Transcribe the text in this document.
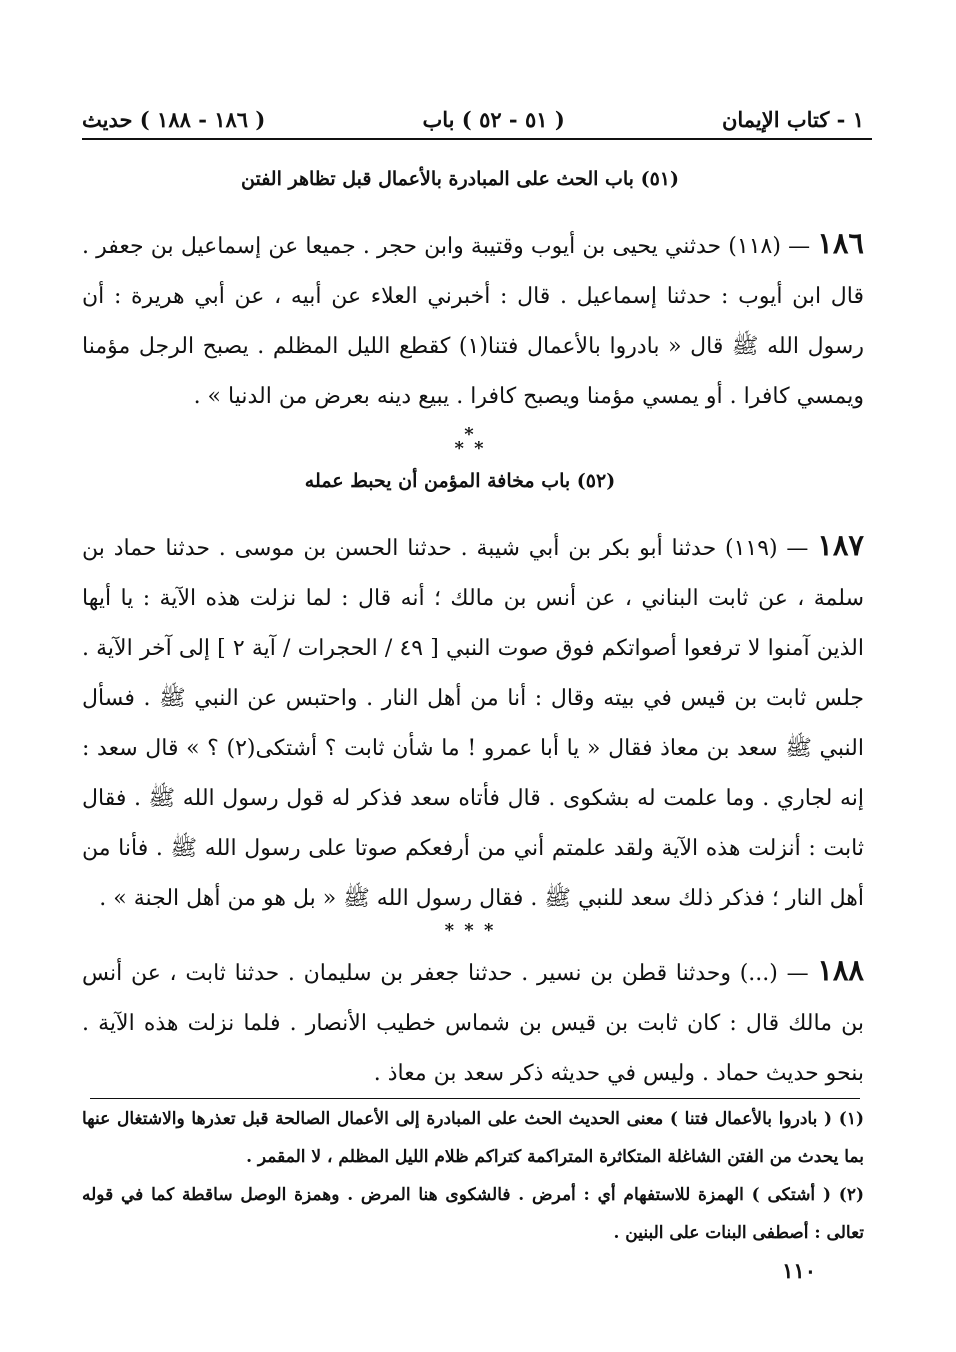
١ - كتاب الإيمان
( ٥١ - ٥٢ ) باب
( ١٨٦ - ١٨٨ ) حديث
(٥١) باب الحث على المبادرة بالأعمال قبل تظاهر الفتن
١٨٦ — (١١٨) حدثني يحيى بن أيوب وقتيبة وابن حجر . جميعا عن إسماعيل بن جعفر . قال ابن أيوب : حدثنا إسماعيل . قال : أخبرني العلاء عن أبيه ، عن أبي هريرة : أن رسول الله ﷺ قال « بادروا بالأعمال فتنا(١) كقطع الليل المظلم . يصبح الرجل مؤمنا ويمسي كافرا . أو يمسي مؤمنا ويصبح كافرا . يبيع دينه بعرض من الدنيا » .
*
* *
(٥٢) باب مخافة المؤمن أن يحبط عمله
١٨٧ — (١١٩) حدثنا أبو بكر بن أبي شيبة . حدثنا الحسن بن موسى . حدثنا حماد بن سلمة ، عن ثابت البناني ، عن أنس بن مالك ؛ أنه قال : لما نزلت هذه الآية : يا أيها الذين آمنوا لا ترفعوا أصواتكم فوق صوت النبي [ ٤٩ / الحجرات / آية ٢ ] إلى آخر الآية . جلس ثابت بن قيس في بيته وقال : أنا من أهل النار . واحتبس عن النبي ﷺ . فسأل النبي ﷺ سعد بن معاذ فقال « يا أبا عمرو ! ما شأن ثابت ؟ أشتكى(٢) ؟ » قال سعد : إنه لجاري . وما علمت له بشكوى . قال فأتاه سعد فذكر له قول رسول الله ﷺ . فقال ثابت : أنزلت هذه الآية ولقد علمتم أني من أرفعكم صوتا على رسول الله ﷺ . فأنا من أهل النار ؛ فذكر ذلك سعد للنبي ﷺ . فقال رسول الله ﷺ « بل هو من أهل الجنة » .
* * *
١٨٨ — (...) وحدثنا قطن بن نسير . حدثنا جعفر بن سليمان . حدثنا ثابت ، عن أنس بن مالك قال : كان ثابت بن قيس بن شماس خطيب الأنصار . فلما نزلت هذه الآية . بنحو حديث حماد . وليس في حديثه ذكر سعد بن معاذ .

(١) ( بادروا بالأعمال فتنا ) معنى الحديث الحث على المبادرة إلى الأعمال الصالحة قبل تعذرها والاشتغال عنها بما يحدث من الفتن الشاغلة المتكاثرة المتراكمة كتراكم ظلام الليل المظلم ، لا المقمر .

(٢) ( أشتكى ) الهمزة للاستفهام أي : أمرض . فالشكوى هنا المرض . وهمزة الوصل ساقطة كما في قوله تعالى : أصطفى البنات على البنين .

١١٠
